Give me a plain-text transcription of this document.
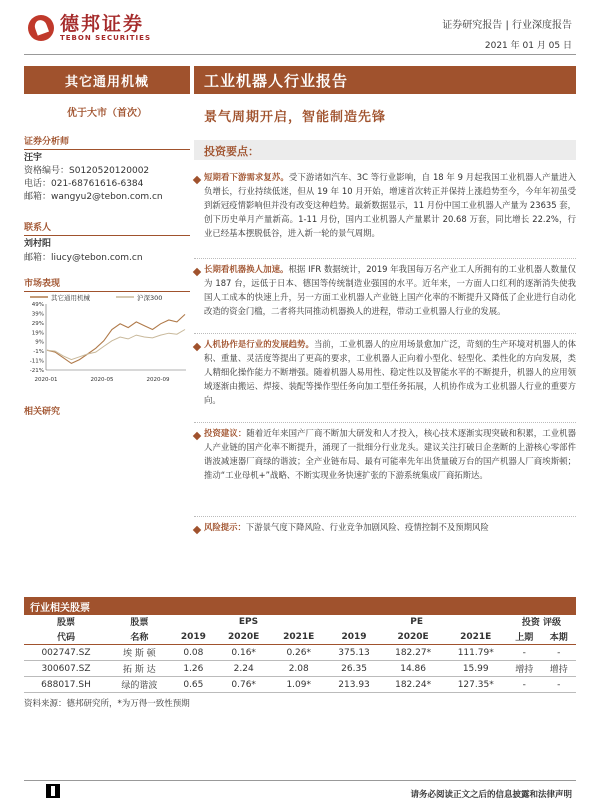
德邦证券
TEBON SECURITIES
证券研究报告 | 行业深度报告
2021 年 01 月 05 日
其它通用机械	工业机器人行业报告
优于大市（首次）
证券分析师
汪宇
资格编号：S0120520120002
电话：021-68761616-6384
邮箱：wangyu2@tebon.com.cn
联系人
刘村阳
邮箱：liucy@tebon.com.cn
市场表现
其它通用机械	沪深300
49%
39%
29%
19%
9%
-1%
-11%
-21%
2020-01	2020-05	2020-09
相关研究
景气周期开启，智能制造先锋
投资要点：
短期看下游需求复苏。受下游诸如汽车、3C 等行业影响，自 18 年 9 月起我国工业机器人产量进入负增长，行业持续低迷，但从 19 年 10 月开始，增速首次转正并保持上涨趋势至今，今年年初虽受到新冠疫情影响但并没有改变这种趋势。最新数据显示，11 月份中国工业机器人产量为 23635 套，创下历史单月产量新高。1-11 月份，国内工业机器人产量累计 20.68 万套，同比增长 22.2%，行业已经基本摆脱低谷，进入新一轮的景气周期。
长期看机器换人加速。根据 IFR 数据统计，2019 年我国每万名产业工人所拥有的工业机器人数量仅为 187 台，远低于日本、德国等传统制造业强国的水平。近年来，一方面人口红利的逐渐消失使我国人工成本的快速上升，另一方面工业机器人产业链上国产化率的不断提升又降低了企业进行自动化改造的资金门槛，二者将共同推动机器换人的进程，带动工业机器人行业的发展。
人机协作是行业的发展趋势。当前，工业机器人的应用场景愈加广泛，苛刻的生产环境对机器人的体积、重量、灵活度等提出了更高的要求，工业机器人正向着小型化、轻型化、柔性化的方向发展，类人精细化操作能力不断增强。随着机器人易用性、稳定性以及智能水平的不断提升，机器人的应用领域逐渐由搬运、焊接、装配等操作型任务向加工型任务拓展，人机协作成为工业机器人行业的重要方向。
投资建议：随着近年来国产厂商不断加大研发和人才投入，核心技术逐渐实现突破和积累，工业机器人产业链的国产化率不断提升，涌现了一批细分行业龙头。建议关注打破日企垄断的上游核心零部件谐波减速器厂商绿的谐波；全产业链布局、最有可能率先年出货量破万台的国产机器人厂商埃斯顿；推动“工业母机+”战略、不断实现业务快速扩张的下游系统集成厂商拓斯达。
风险提示：下游景气度下降风险、行业竞争加剧风险、疫情控制不及预期风险
行业相关股票
股票	股票	EPS			PE			投资 评级	
代码	名称	2019	2020E	2021E	2019	2020E	2021E	上期	本期
002747.SZ	埃 斯 顿	0.08	0.16*	0.26*	375.13	182.27*	111.79*	-	-
300607.SZ	拓 斯 达	1.26	2.24	2.08	26.35	14.86	15.99	增持	增持
688017.SH	绿的谐波	0.65	0.76*	1.09*	213.93	182.24*	127.35*	-	-
资料来源：德邦研究所，*为万得一致性预期
请务必阅读正文之后的信息披露和法律声明
